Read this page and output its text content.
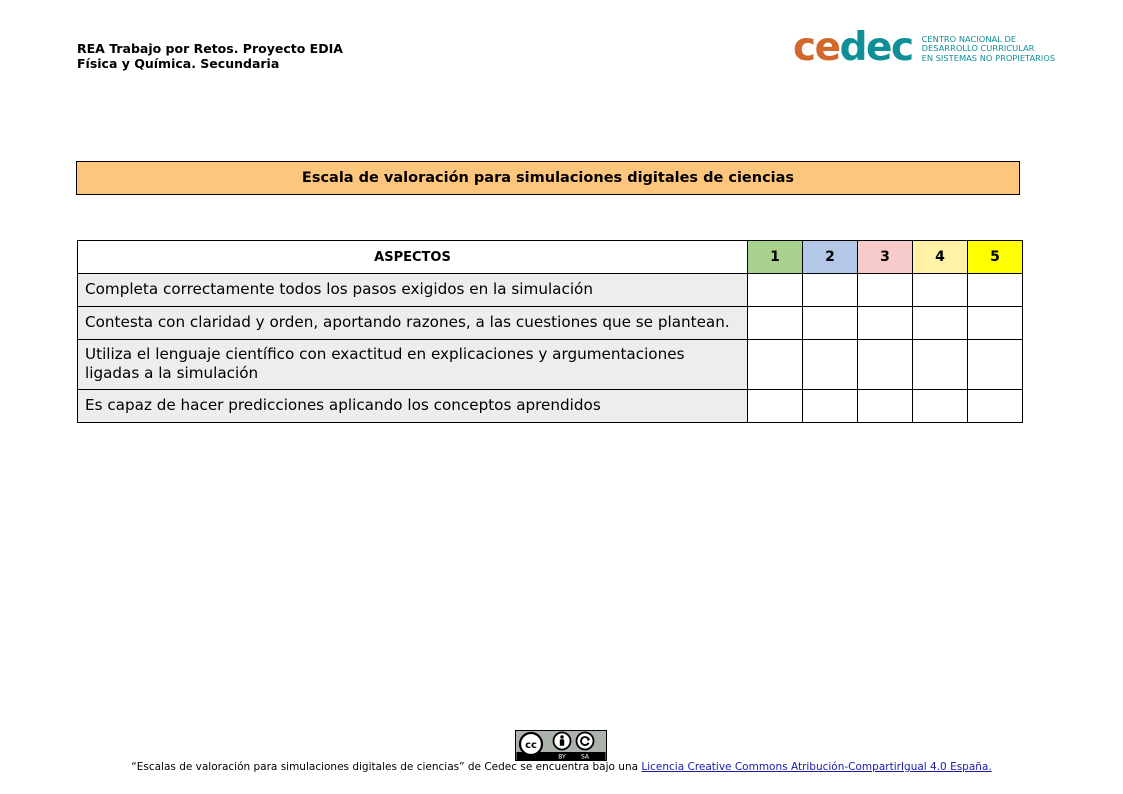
REA Trabajo por Retos. Proyecto EDIA
Física y Química. Secundaria	cedec CENTRO NACIONAL DE
DESARROLLO CURRICULAR
EN SISTEMAS NO PROPIETARIOS
Escala de valoración para simulaciones digitales de ciencias
ASPECTOS	1	2	3	4	5
Completa correctamente todos los pasos exigidos en la simulación					
Contesta con claridad y orden, aportando razones, a las cuestiones que se plantean.					
Utiliza el lenguaje científico con exactitud en explicaciones y argumentaciones ligadas a la simulación					
Es capaz de hacer predicciones aplicando los conceptos aprendidos					
cc
BY	SA
“Escalas de valoración para simulaciones digitales de ciencias” de Cedec se encuentra bajo una Licencia Creative Commons Atribución-CompartirIgual 4.0 España.
